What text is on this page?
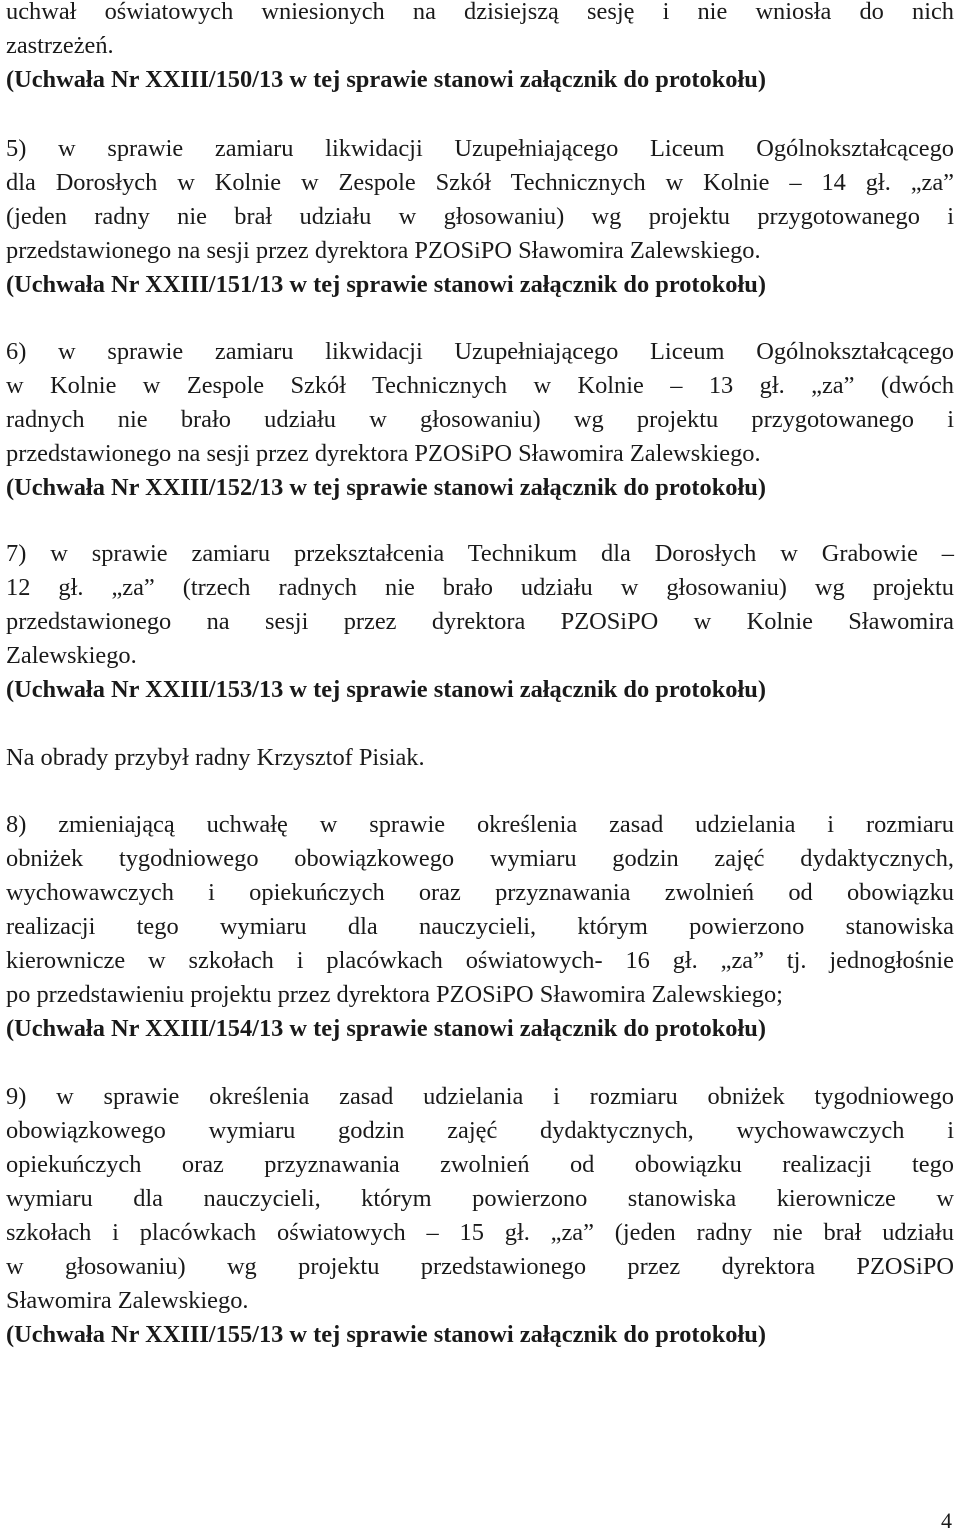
uchwał oświatowych wniesionych na dzisiejszą sesję i nie wniosła do nich
zastrzeżeń.
(Uchwała Nr XXIII/150/13 w tej sprawie stanowi załącznik do protokołu)
5) w sprawie zamiaru likwidacji Uzupełniającego Liceum Ogólnokształcącego
dla Dorosłych w Kolnie w Zespole Szkół Technicznych w Kolnie – 14 gł. „za”
(jeden radny nie brał udziału w głosowaniu) wg projektu przygotowanego i
przedstawionego na sesji przez dyrektora PZOSiPO Sławomira Zalewskiego.
(Uchwała Nr XXIII/151/13 w tej sprawie stanowi załącznik do protokołu)
6) w sprawie zamiaru likwidacji Uzupełniającego Liceum Ogólnokształcącego
w Kolnie w Zespole Szkół Technicznych w Kolnie – 13 gł. „za” (dwóch
radnych nie brało udziału w głosowaniu) wg projektu przygotowanego i
przedstawionego na sesji przez dyrektora PZOSiPO Sławomira Zalewskiego.
(Uchwała Nr XXIII/152/13 w tej sprawie stanowi załącznik do protokołu)
7) w sprawie zamiaru przekształcenia Technikum dla Dorosłych w Grabowie –
12 gł. „za” (trzech radnych nie brało udziału w głosowaniu) wg projektu
przedstawionego na sesji przez dyrektora PZOSiPO w Kolnie Sławomira
Zalewskiego.
(Uchwała Nr XXIII/153/13 w tej sprawie stanowi załącznik do protokołu)
Na obrady przybył radny Krzysztof Pisiak.
8) zmieniającą uchwałę w sprawie określenia zasad udzielania i rozmiaru
obniżek tygodniowego obowiązkowego wymiaru godzin zajęć dydaktycznych,
wychowawczych i opiekuńczych oraz przyznawania zwolnień od obowiązku
realizacji tego wymiaru dla nauczycieli, którym powierzono stanowiska
kierownicze w szkołach i placówkach oświatowych- 16 gł. „za” tj. jednogłośnie
po przedstawieniu projektu przez dyrektora PZOSiPO Sławomira Zalewskiego;
(Uchwała Nr XXIII/154/13 w tej sprawie stanowi załącznik do protokołu)
9) w sprawie określenia zasad udzielania i rozmiaru obniżek tygodniowego
obowiązkowego wymiaru godzin zajęć dydaktycznych, wychowawczych i
opiekuńczych oraz przyznawania zwolnień od obowiązku realizacji tego
wymiaru dla nauczycieli, którym powierzono stanowiska kierownicze w
szkołach i placówkach oświatowych – 15 gł. „za” (jeden radny nie brał udziału
w głosowaniu) wg projektu przedstawionego przez dyrektora PZOSiPO
Sławomira Zalewskiego.
(Uchwała Nr XXIII/155/13 w tej sprawie stanowi załącznik do protokołu)
4
